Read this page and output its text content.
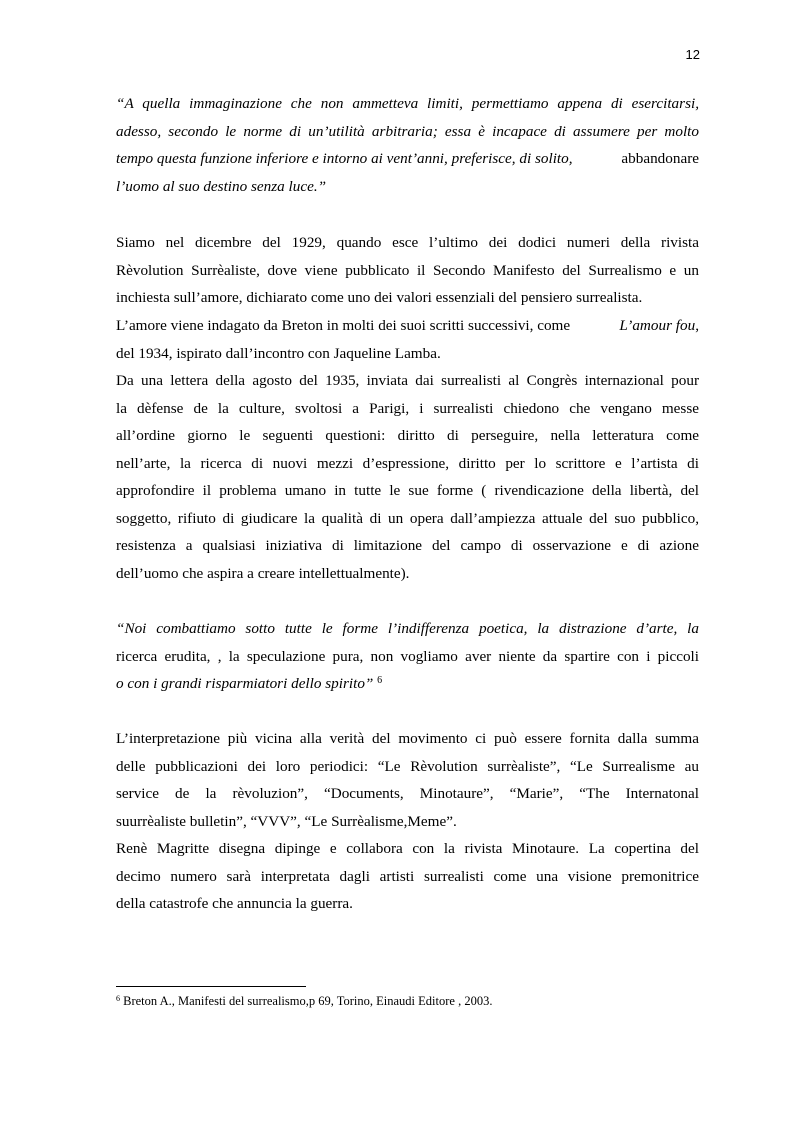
12
“A quella immaginazione che non ammetteva limiti, permettiamo appena di esercitarsi,
adesso, secondo le norme di un’utilità arbitraria; essa è incapace di assumere per molto
tempo questa funzione inferiore e intorno ai vent’anni, preferisce, di solito,	abbandonare
l’uomo al suo destino senza luce.”
Siamo nel dicembre del 1929, quando esce l’ultimo dei dodici numeri della rivista
Rèvolution Surrèaliste, dove viene pubblicato il Secondo Manifesto del Surrealismo e un
inchiesta sull’amore, dichiarato come uno dei valori essenziali del pensiero surrealista.
L’amore viene indagato da Breton in molti dei suoi scritti successivi, come	L’amour fou,
del 1934, ispirato dall’incontro con Jaqueline Lamba.
Da una lettera della agosto del 1935, inviata dai surrealisti al Congrès internazional pour
la dèfense de la culture, svoltosi a Parigi, i surrealisti chiedono che vengano messe
all’ordine giorno le seguenti questioni: diritto di perseguire, nella letteratura come
nell’arte, la ricerca di nuovi mezzi d’espressione, diritto per lo scrittore e l’artista di
approfondire il problema umano in tutte le sue forme ( rivendicazione della libertà, del
soggetto, rifiuto di giudicare la qualità di un opera dall’ampiezza attuale del suo pubblico,
resistenza a qualsiasi iniziativa di limitazione del campo di osservazione e di azione
dell’uomo che aspira a creare intellettualmente).
“Noi combattiamo sotto tutte le forme l’indifferenza poetica, la distrazione d’arte, la
ricerca erudita, , la speculazione pura, non vogliamo aver niente da spartire con i piccoli
o con i grandi risparmiatori dello spirito” $^6$
L’interpretazione più vicina alla verità del movimento ci può essere fornita dalla summa
delle pubblicazioni dei loro periodici: “Le Rèvolution surrèaliste”, “Le Surrealisme au
service de la rèvoluzion”, “Documents, Minotaure”, “Marie”, “The Internatonal
suurrèaliste bulletin”, “VVV”, “Le Surrèalisme,Meme”.
Renè Magritte disegna dipinge e collabora con la rivista Minotaure. La copertina del
decimo numero sarà interpretata dagli artisti surrealisti come una visione premonitrice
della catastrofe che annuncia la guerra.
$^6$ Breton A., Manifesti del surrealismo,p 69, Torino, Einaudi Editore , 2003.
